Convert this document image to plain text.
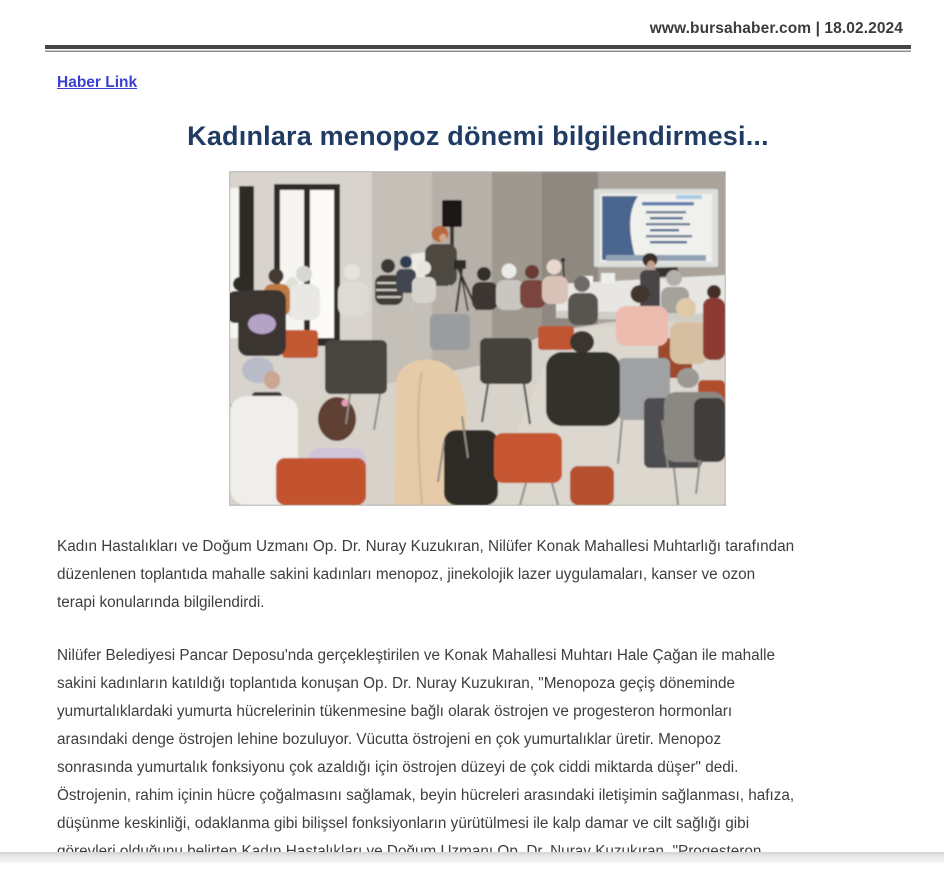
www.bursahaber.com | 18.02.2024
Haber Link
Kadınlara menopoz dönemi bilgilendirmesi...
Kadın Hastalıkları ve Doğum Uzmanı Op. Dr. Nuray Kuzukıran, Nilüfer Konak Mahallesi Muhtarlığı tarafından
düzenlenen toplantıda mahalle sakini kadınları menopoz, jinekolojik lazer uygulamaları, kanser ve ozon
terapi konularında bilgilendirdi.
Nilüfer Belediyesi Pancar Deposu'nda gerçekleştirilen ve Konak Mahallesi Muhtarı Hale Çağan ile mahalle
sakini kadınların katıldığı toplantıda konuşan Op. Dr. Nuray Kuzukıran, "Menopoza geçiş döneminde
yumurtalıklardaki yumurta hücrelerinin tükenmesine bağlı olarak östrojen ve progesteron hormonları
arasındaki denge östrojen lehine bozuluyor. Vücutta östrojeni en çok yumurtalıklar üretir. Menopoz
sonrasında yumurtalık fonksiyonu çok azaldığı için östrojen düzeyi de çok ciddi miktarda düşer" dedi.
Östrojenin, rahim içinin hücre çoğalmasını sağlamak, beyin hücreleri arasındaki iletişimin sağlanması, hafıza,
düşünme keskinliği, odaklanma gibi bilişsel fonksiyonların yürütülmesi ile kalp damar ve cilt sağlığı gibi
